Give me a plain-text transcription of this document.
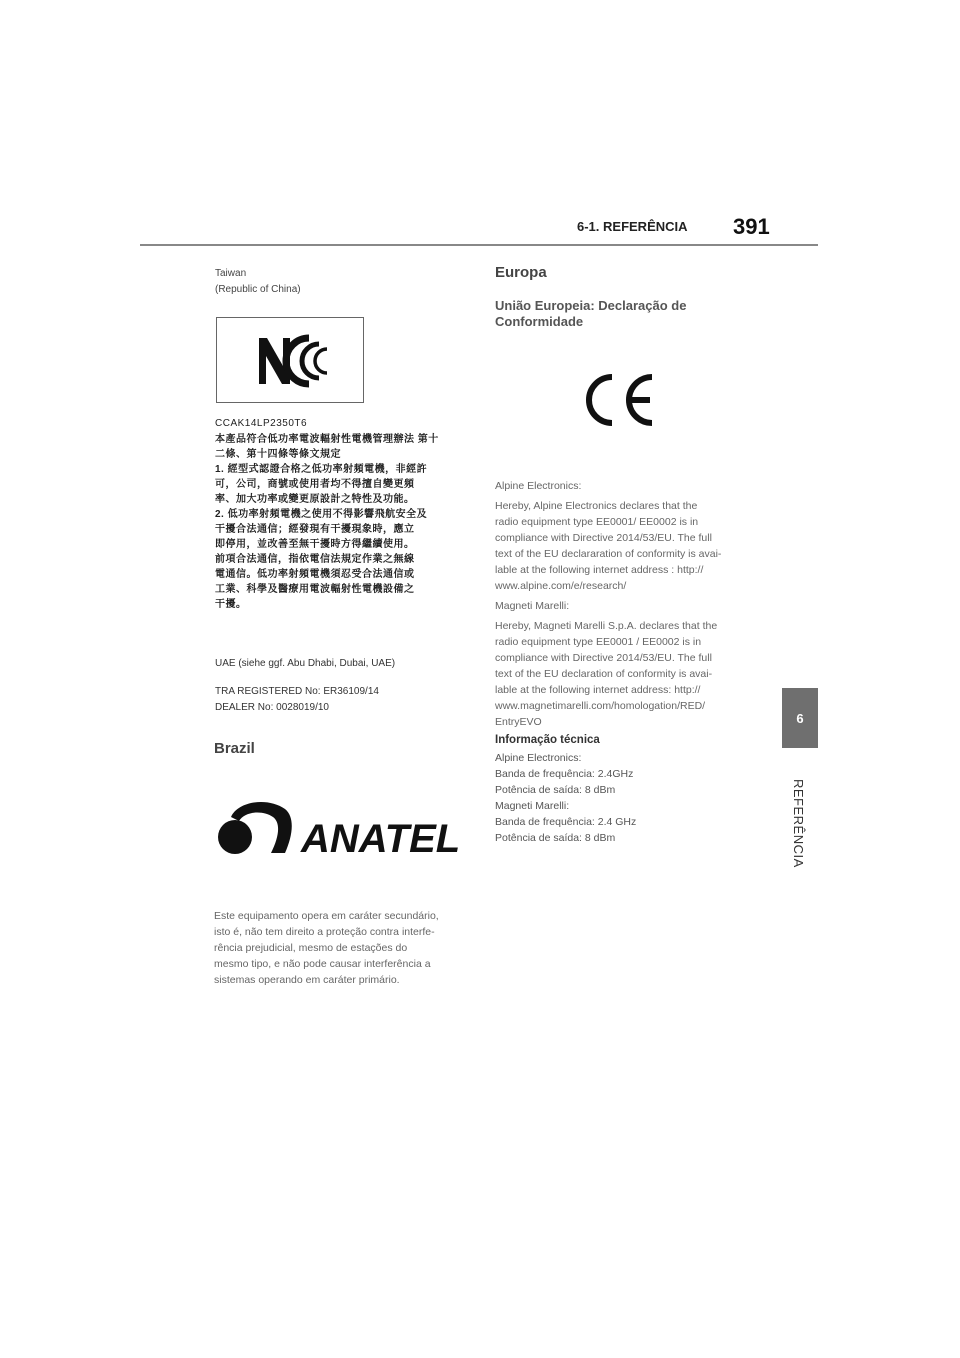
6-1. REFERÊNCIA 391
6
REFERÊNCIA
Taiwan
(Republic of China)
CCAK14LP2350T6
本產品符合低功率電波輻射性電機管理辦法 第十
二條、第十四條等條文規定
1. 經型式認證合格之低功率射頻電機，非經許
可，公司，商號或使用者均不得擅自變更頻
率、加大功率或變更原設計之特性及功能。
2. 低功率射頻電機之使用不得影響飛航安全及
干擾合法通信；經發現有干擾現象時，應立
即停用，並改善至無干擾時方得繼續使用。
前項合法通信，指依電信法規定作業之無線
電通信。低功率射頻電機須忍受合法通信或
工業、科學及醫療用電波輻射性電機設備之
干擾。
UAE (siehe ggf. Abu Dhabi, Dubai, UAE)
TRA REGISTERED No: ER36109/14
DEALER No: 0028019/10
Brazil
ANATEL
Este equipamento opera em caráter secundário,
isto é, não tem direito a proteção contra interfe-
rência prejudicial, mesmo de estações do
mesmo tipo, e não pode causar interferência a
sistemas operando em caráter primário.
Europa
União Europeia: Declaração de
Conformidade

Alpine Electronics:

Hereby, Alpine Electronics declares that the
radio equipment type EE0001/ EE0002 is in
compliance with Directive 2014/53/EU. The full
text of the EU declararation of conformity is avai-
lable at the following internet address : http://
www.alpine.com/e/research/

Magneti Marelli:

Hereby, Magneti Marelli S.p.A. declares that the
radio equipment type EE0001 / EE0002 is in
compliance with Directive 2014/53/EU. The full
text of the EU declaration of conformity is avai-
lable at the following internet address: http://
www.magnetimarelli.com/homologation/RED/
EntryEVO

Informação técnica
Alpine Electronics:
Banda de frequência: 2.4GHz
Potência de saída: 8 dBm
Magneti Marelli:
Banda de frequência: 2.4 GHz
Potência de saída: 8 dBm
